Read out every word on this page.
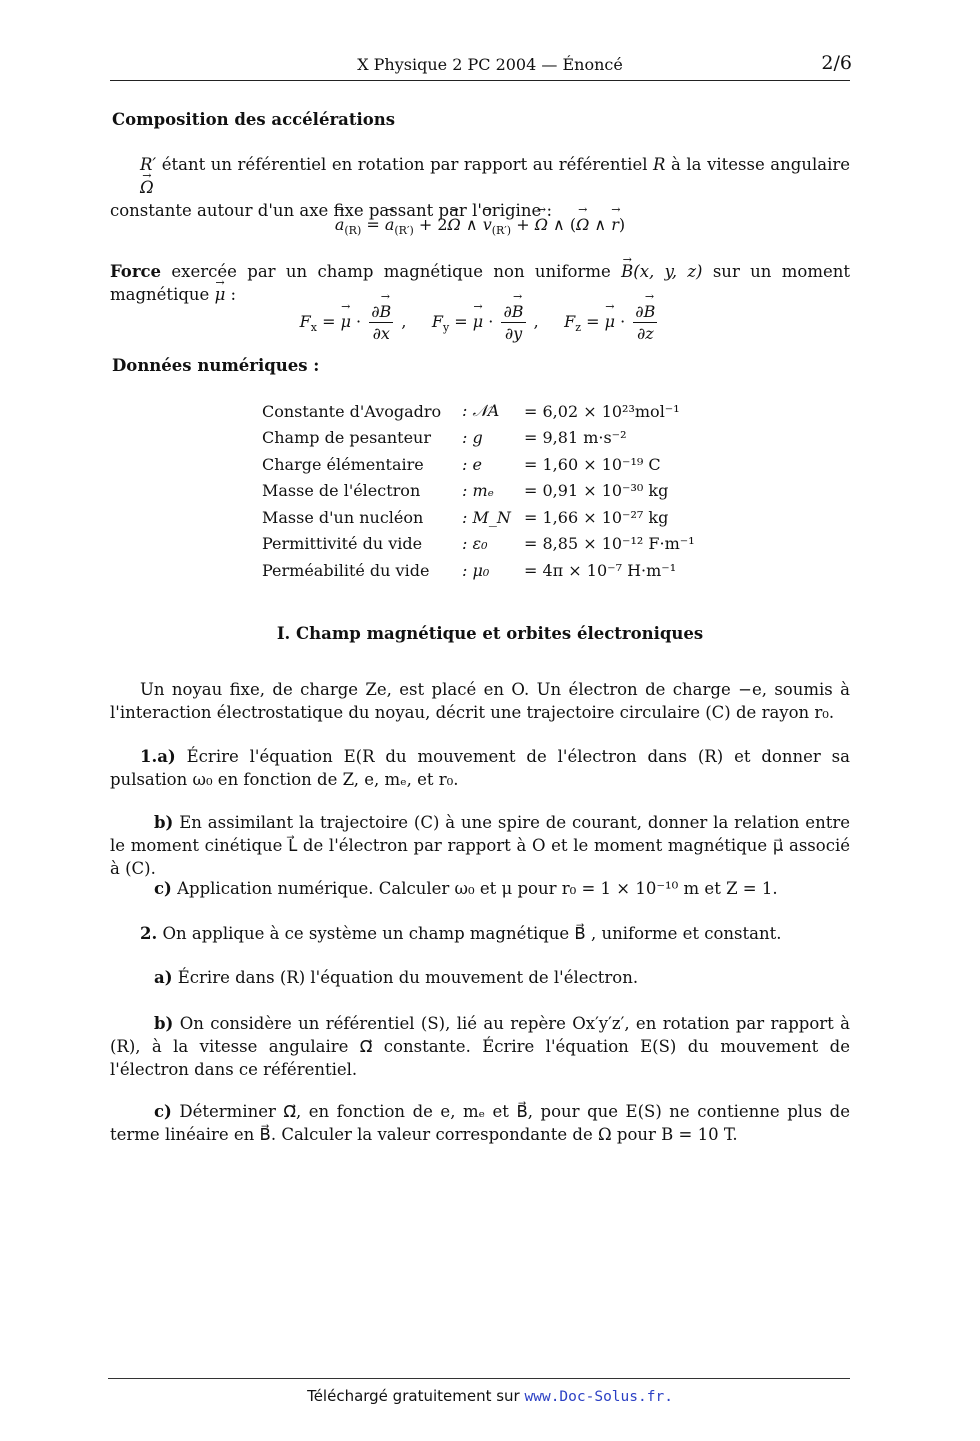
X Physique 2 PC 2004 — Énoncé	2/6
Composition des accélérations
R′ étant un référentiel en rotation par rapport au référentiel R à la vitesse angulaire Ω →
constante autour d'un axe fixe passant par l'origine :
$a \to_{(R)} = a \to_{(R')} + 2\Omega$ → ∧ $v \to_{(R')} + \Omega$ → ∧ (Ω → ∧ r →)
Force exercée par un champ magnétique non uniforme B →(x, y, z) sur un moment magnétique μ → :
$F_x = \mu$ → · $\frac{\partial B \to}{\partial x}$ ,     $F_y = \mu$ → · $\frac{\partial B \to}{\partial y}$ ,     $F_z = \mu$ → · $\frac{\partial B \to}{\partial z}$
Données numériques :
Constante d'Avogadro	: 𝒩A	= 6,02 × 10²³mol⁻¹
Champ de pesanteur	: g	= 9,81 m·s⁻²
Charge élémentaire	: e	= 1,60 × 10⁻¹⁹ C
Masse de l'électron	: mₑ	= 0,91 × 10⁻³⁰ kg
Masse d'un nucléon	: M_N	= 1,66 × 10⁻²⁷ kg
Permittivité du vide	: ε₀	= 8,85 × 10⁻¹² F·m⁻¹
Perméabilité du vide	: μ₀	= 4π × 10⁻⁷ H·m⁻¹
I. Champ magnétique et orbites électroniques
Un noyau fixe, de charge Ze, est placé en O. Un électron de charge −e, soumis à l'interaction électrostatique du noyau, décrit une trajectoire circulaire (C) de rayon r₀.
1.a) Écrire l'équation E(R du mouvement de l'électron dans (R) et donner sa pulsation ω₀ en fonction de Z, e, mₑ, et r₀.
b) En assimilant la trajectoire (C) à une spire de courant, donner la relation entre le moment cinétique L⃗ de l'électron par rapport à O et le moment magnétique μ⃗ associé à (C).
c) Application numérique. Calculer ω₀ et μ pour r₀ = 1 × 10⁻¹⁰ m et Z = 1.
2. On applique à ce système un champ magnétique B⃗ , uniforme et constant.
a) Écrire dans (R) l'équation du mouvement de l'électron.
b) On considère un référentiel (S), lié au repère Ox′y′z′, en rotation par rapport à (R), à la vitesse angulaire Ω⃗ constante. Écrire l'équation E(S) du mouvement de l'électron dans ce référentiel.
c) Déterminer Ω⃗, en fonction de e, mₑ et B⃗, pour que E(S) ne contienne plus de terme linéaire en B⃗. Calculer la valeur correspondante de Ω pour B = 10 T.
Téléchargé gratuitement sur www.Doc-Solus.fr.
